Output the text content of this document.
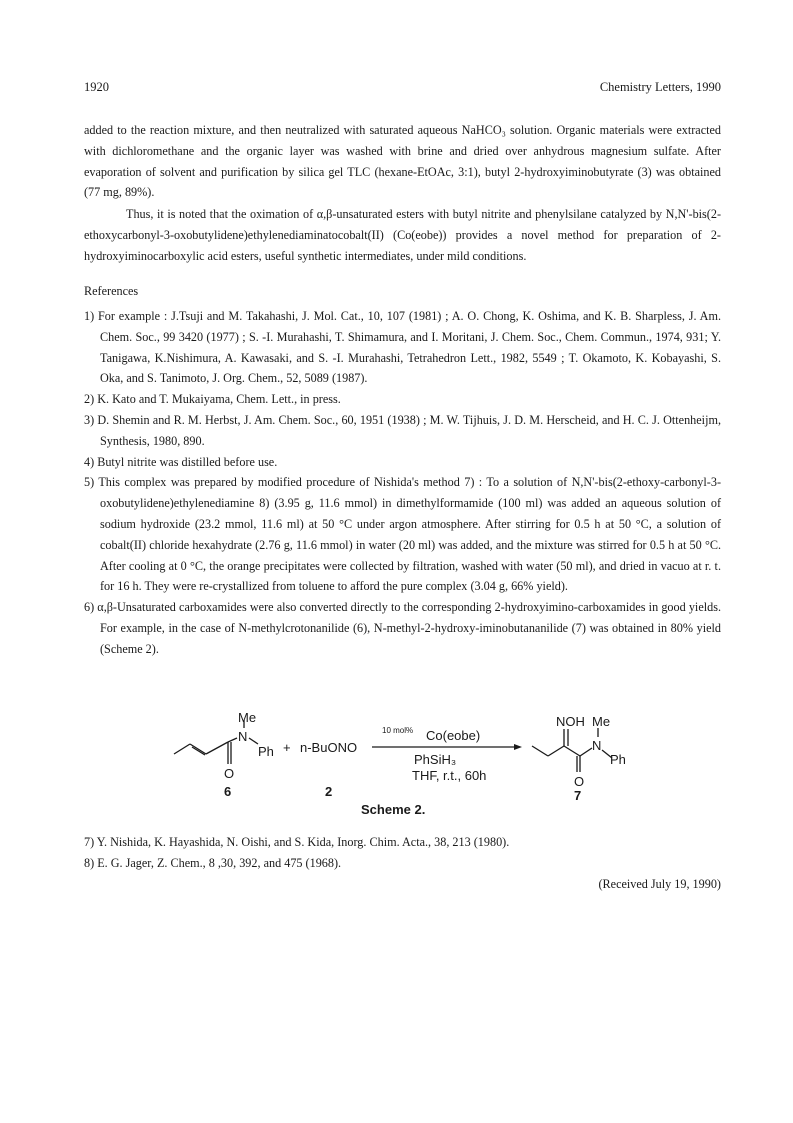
1920	Chemistry Letters, 1990
added to the reaction mixture, and then neutralized with saturated aqueous NaHCO₃ solution. Organic materials were extracted with dichloromethane and the organic layer was washed with brine and dried over anhydrous magnesium sulfate. After evaporation of solvent and purification by silica gel TLC (hexane-EtOAc, 3:1), butyl 2-hydroxyiminobutyrate (3) was obtained (77 mg, 89%).
Thus, it is noted that the oximation of α,β-unsaturated esters with butyl nitrite and phenylsilane catalyzed by N,N'-bis(2-ethoxycarbonyl-3-oxobutylidene)ethylenediaminatocobalt(II) (Co(eobe)) provides a novel method for preparation of 2-hydroxyiminocarboxylic acid esters, useful synthetic intermediates, under mild conditions.
References
1) For example : J.Tsuji and M. Takahashi, J. Mol. Cat., 10, 107 (1981) ; A. O. Chong, K. Oshima, and K. B. Sharpless, J. Am. Chem. Soc., 99 3420 (1977) ; S. -I. Murahashi, T. Shimamura, and I. Moritani, J. Chem. Soc., Chem. Commun., 1974, 931; Y. Tanigawa, K.Nishimura, A. Kawasaki, and S. -I. Murahashi, Tetrahedron Lett., 1982, 5549 ; T. Okamoto, K. Kobayashi, S. Oka, and S. Tanimoto, J. Org. Chem., 52, 5089 (1987).
2) K. Kato and T. Mukaiyama, Chem. Lett., in press.
3) D. Shemin and R. M. Herbst, J. Am. Chem. Soc., 60, 1951 (1938) ; M. W. Tijhuis, J. D. M. Herscheid, and H. C. J. Ottenheijm, Synthesis, 1980, 890.
4) Butyl nitrite was distilled before use.
5) This complex was prepared by modified procedure of Nishida's method 7) : To a solution of N,N'-bis(2-ethoxy-carbonyl-3-oxobutylidene)ethylenediamine 8) (3.95 g, 11.6 mmol) in dimethylformamide (100 ml) was added an aqueous solution of sodium hydroxide (23.2 mmol, 11.6 ml) at 50 °C under argon atmosphere. After stirring for 0.5 h at 50 °C, a solution of cobalt(II) chloride hexahydrate (2.76 g, 11.6 mmol) in water (20 ml) was added, and the mixture was stirred for 0.5 h at 50 °C. After cooling at 0 °C, the orange precipitates were collected by filtration, washed with water (50 ml), and dried in vacuo at r. t. for 16 h. They were re-crystallized from toluene to afford the pure complex (3.04 g, 66% yield).
6) α,β-Unsaturated carboxamides were also converted directly to the corresponding 2-hydroxyimino-carboxamides in good yields. For example, in the case of N-methylcrotonanilide (6), N-methyl-2-hydroxy-iminobutananilide (7) was obtained in 80% yield (Scheme 2).
Me
N
Ph
O
6
+ n-BuONO
2
10 mol% Co(eobe)
PhSiH₃
THF, r.t., 60h
NOH Me
N
Ph
O
7
Scheme 2.
7) Y. Nishida, K. Hayashida, N. Oishi, and S. Kida, Inorg. Chim. Acta., 38, 213 (1980).
8) E. G. Jager, Z. Chem., 8 ,30, 392, and 475 (1968).
(Received July 19, 1990)
